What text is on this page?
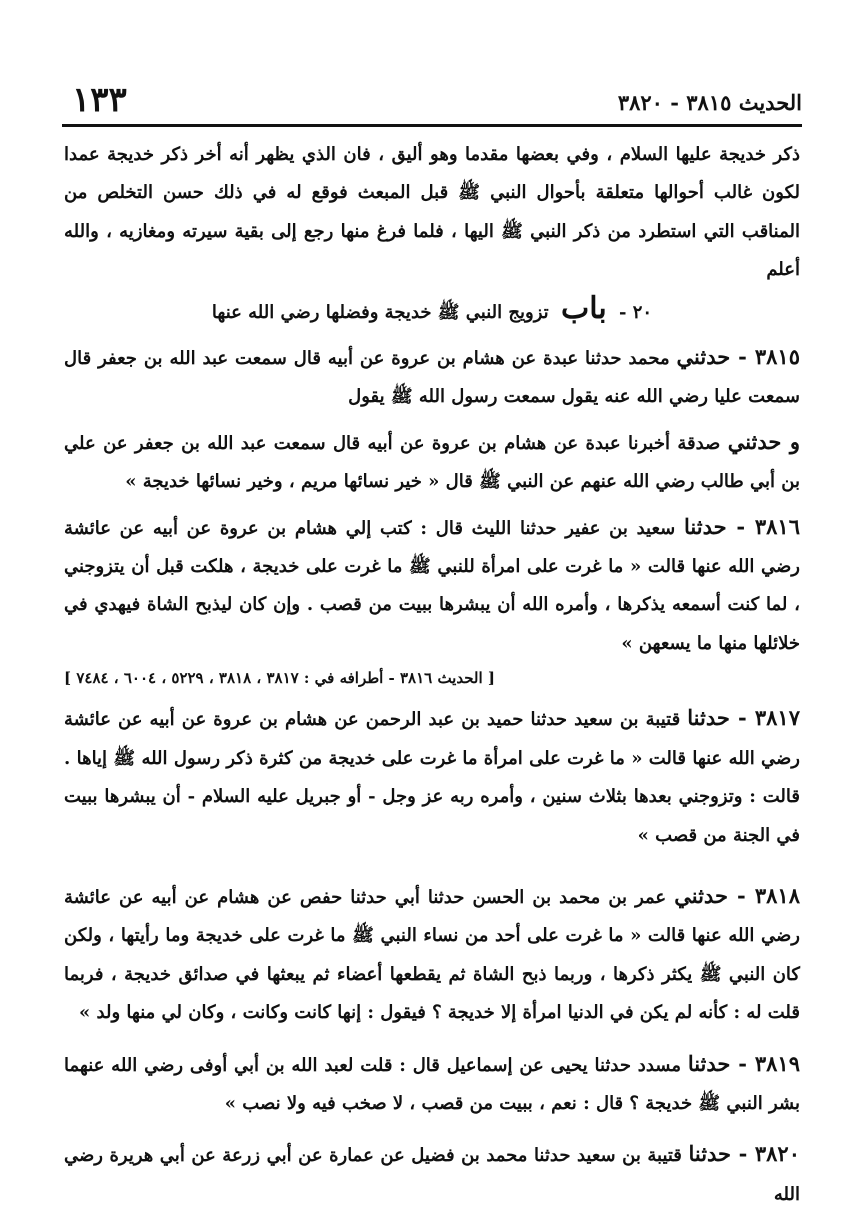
الحديث ٣٨١٥ - ٣٨٢٠
١٣٣

ذكر خديجة عليها السلام ، وفي بعضها مقدما وهو أليق ، فان الذي يظهر أنه أخر ذكر خديجة عمدا لكون غالب أحوالها متعلقة بأحوال النبي ﷺ قبل المبعث فوقع له في ذلك حسن التخلص من المناقب التي استطرد من ذكر النبي ﷺ اليها ، فلما فرغ منها رجع إلى بقية سيرته ومغازيه ، والله أعلم

٢٠ - باب تزويج النبي ﷺ خديجة وفضلها رضي الله عنها

٣٨١٥ - حدثني محمد حدثنا عبدة عن هشام بن عروة عن أبيه قال سمعت عبد الله بن جعفر قال سمعت عليا رضي الله عنه يقول سمعت رسول الله ﷺ يقول

و حدثني صدقة أخبرنا عبدة عن هشام بن عروة عن أبيه قال سمعت عبد الله بن جعفر عن علي بن أبي طالب رضي الله عنهم عن النبي ﷺ قال « خير نسائها مريم ، وخير نسائها خديجة »

٣٨١٦ - حدثنا سعيد بن عفير حدثنا الليث قال : كتب إلي هشام بن عروة عن أبيه عن عائشة رضي الله عنها قالت « ما غرت على امرأة للنبي ﷺ ما غرت على خديجة ، هلكت قبل أن يتزوجني ، لما كنت أسمعه يذكرها ، وأمره الله أن يبشرها ببيت من قصب . وإن كان ليذبح الشاة فيهدي في خلائلها منها ما يسعهن »

[ الحديث ٣٨١٦ - أطرافه في : ٣٨١٧ ، ٣٨١٨ ، ٥٢٢٩ ، ٦٠٠٤ ، ٧٤٨٤ ]

٣٨١٧ - حدثنا قتيبة بن سعيد حدثنا حميد بن عبد الرحمن عن هشام بن عروة عن أبيه عن عائشة رضي الله عنها قالت « ما غرت على امرأة ما غرت على خديجة من كثرة ذكر رسول الله ﷺ إياها . قالت : وتزوجني بعدها بثلاث سنين ، وأمره ربه عز وجل - أو جبريل عليه السلام - أن يبشرها ببيت في الجنة من قصب »

٣٨١٨ - حدثني عمر بن محمد بن الحسن حدثنا أبي حدثنا حفص عن هشام عن أبيه عن عائشة رضي الله عنها قالت « ما غرت على أحد من نساء النبي ﷺ ما غرت على خديجة وما رأيتها ، ولكن كان النبي ﷺ يكثر ذكرها ، وربما ذبح الشاة ثم يقطعها أعضاء ثم يبعثها في صدائق خديجة ، فربما قلت له : كأنه لم يكن في الدنيا امرأة إلا خديجة ؟ فيقول : إنها كانت وكانت ، وكان لي منها ولد »

٣٨١٩ - حدثنا مسدد حدثنا يحيى عن إسماعيل قال : قلت لعبد الله بن أبي أوفى رضي الله عنهما بشر النبي ﷺ خديجة ؟ قال : نعم ، ببيت من قصب ، لا صخب فيه ولا نصب »

٣٨٢٠ - حدثنا قتيبة بن سعيد حدثنا محمد بن فضيل عن عمارة عن أبي زرعة عن أبي هريرة رضي الله
